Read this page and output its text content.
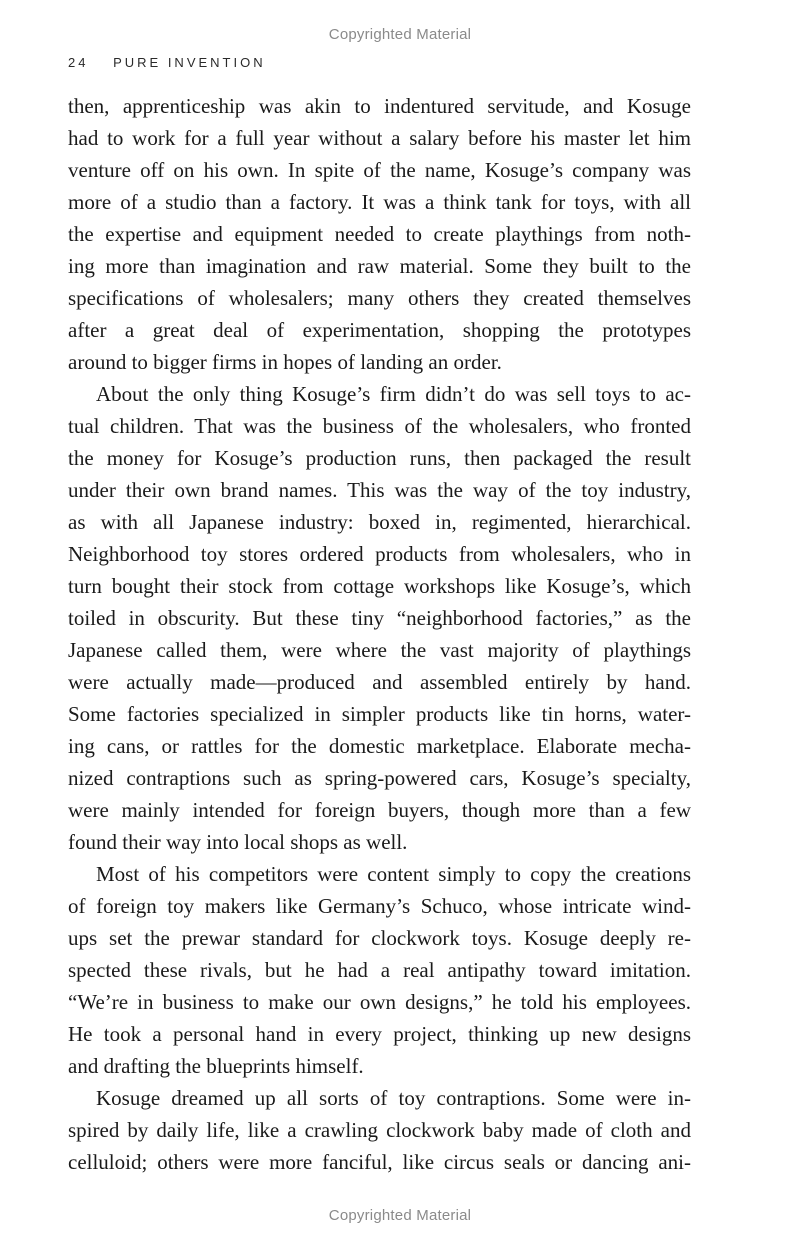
Copyrighted Material
24 PURE INVENTION
then, apprenticeship was akin to indentured servitude, and Kosuge
had to work for a full year without a salary before his master let him
venture off on his own. In spite of the name, Kosuge’s company was
more of a studio than a factory. It was a think tank for toys, with all
the expertise and equipment needed to create playthings from noth-
ing more than imagination and raw material. Some they built to the
specifications of wholesalers; many others they created themselves
after a great deal of experimentation, shopping the prototypes
around to bigger firms in hopes of landing an order.
About the only thing Kosuge’s firm didn’t do was sell toys to ac-
tual children. That was the business of the wholesalers, who fronted
the money for Kosuge’s production runs, then packaged the result
under their own brand names. This was the way of the toy industry,
as with all Japanese industry: boxed in, regimented, hierarchical.
Neighborhood toy stores ordered products from wholesalers, who in
turn bought their stock from cottage workshops like Kosuge’s, which
toiled in obscurity. But these tiny “neighborhood factories,” as the
Japanese called them, were where the vast majority of playthings
were actually made—produced and assembled entirely by hand.
Some factories specialized in simpler products like tin horns, water-
ing cans, or rattles for the domestic marketplace. Elaborate mecha-
nized contraptions such as spring-powered cars, Kosuge’s specialty,
were mainly intended for foreign buyers, though more than a few
found their way into local shops as well.
Most of his competitors were content simply to copy the creations
of foreign toy makers like Germany’s Schuco, whose intricate wind-
ups set the prewar standard for clockwork toys. Kosuge deeply re-
spected these rivals, but he had a real antipathy toward imitation.
“We’re in business to make our own designs,” he told his employees.
He took a personal hand in every project, thinking up new designs
and drafting the blueprints himself.
Kosuge dreamed up all sorts of toy contraptions. Some were in-
spired by daily life, like a crawling clockwork baby made of cloth and
celluloid; others were more fanciful, like circus seals or dancing ani-
Copyrighted Material
